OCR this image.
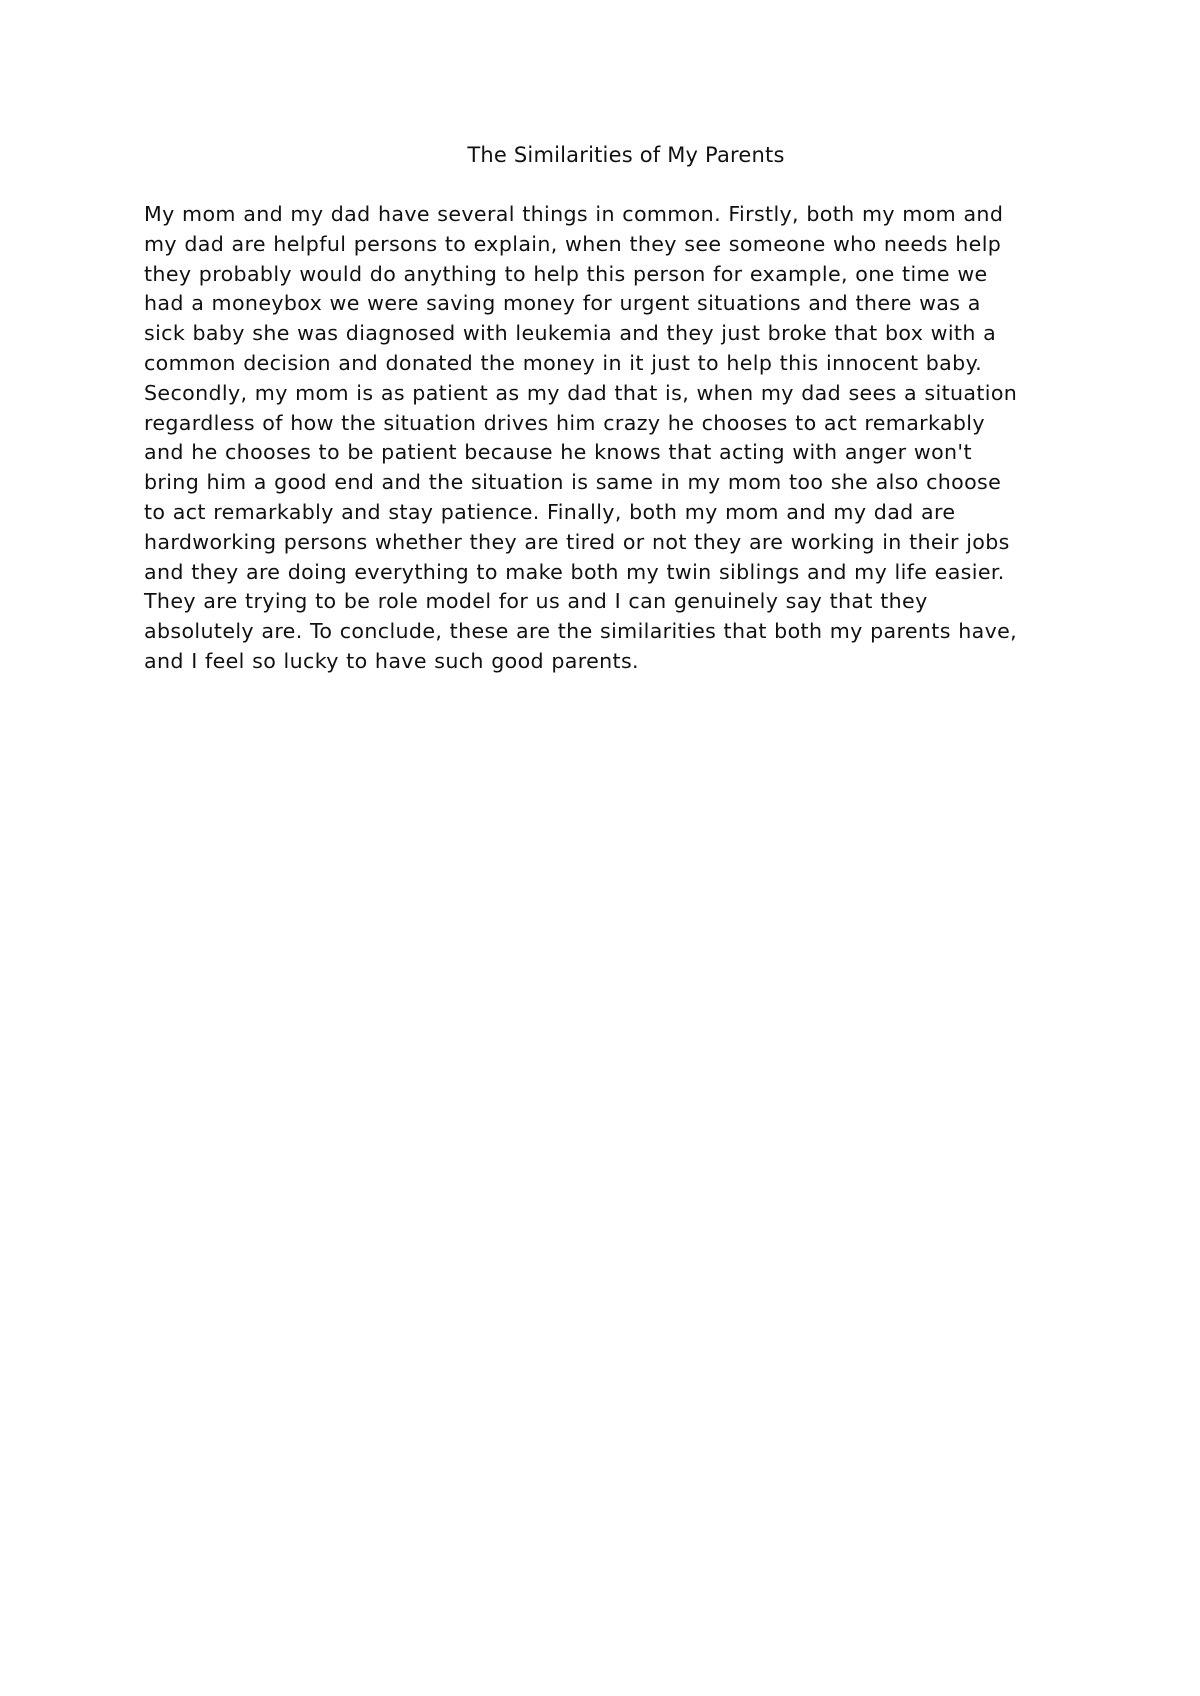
The Similarities of My Parents

My mom and my dad have several things in common. Firstly, both my mom and
my dad are helpful persons to explain, when they see someone who needs help
they probably would do anything to help this person for example, one time we
had a moneybox we were saving money for urgent situations and there was a
sick baby she was diagnosed with leukemia and they just broke that box with a
common decision and donated the money in it just to help this innocent baby.
Secondly, my mom is as patient as my dad that is, when my dad sees a situation
regardless of how the situation drives him crazy he chooses to act remarkably
and he chooses to be patient because he knows that acting with anger won't
bring him a good end and the situation is same in my mom too she also choose
to act remarkably and stay patience. Finally, both my mom and my dad are
hardworking persons whether they are tired or not they are working in their jobs
and they are doing everything to make both my twin siblings and my life easier.
They are trying to be role model for us and I can genuinely say that they
absolutely are. To conclude, these are the similarities that both my parents have,
and I feel so lucky to have such good parents.
